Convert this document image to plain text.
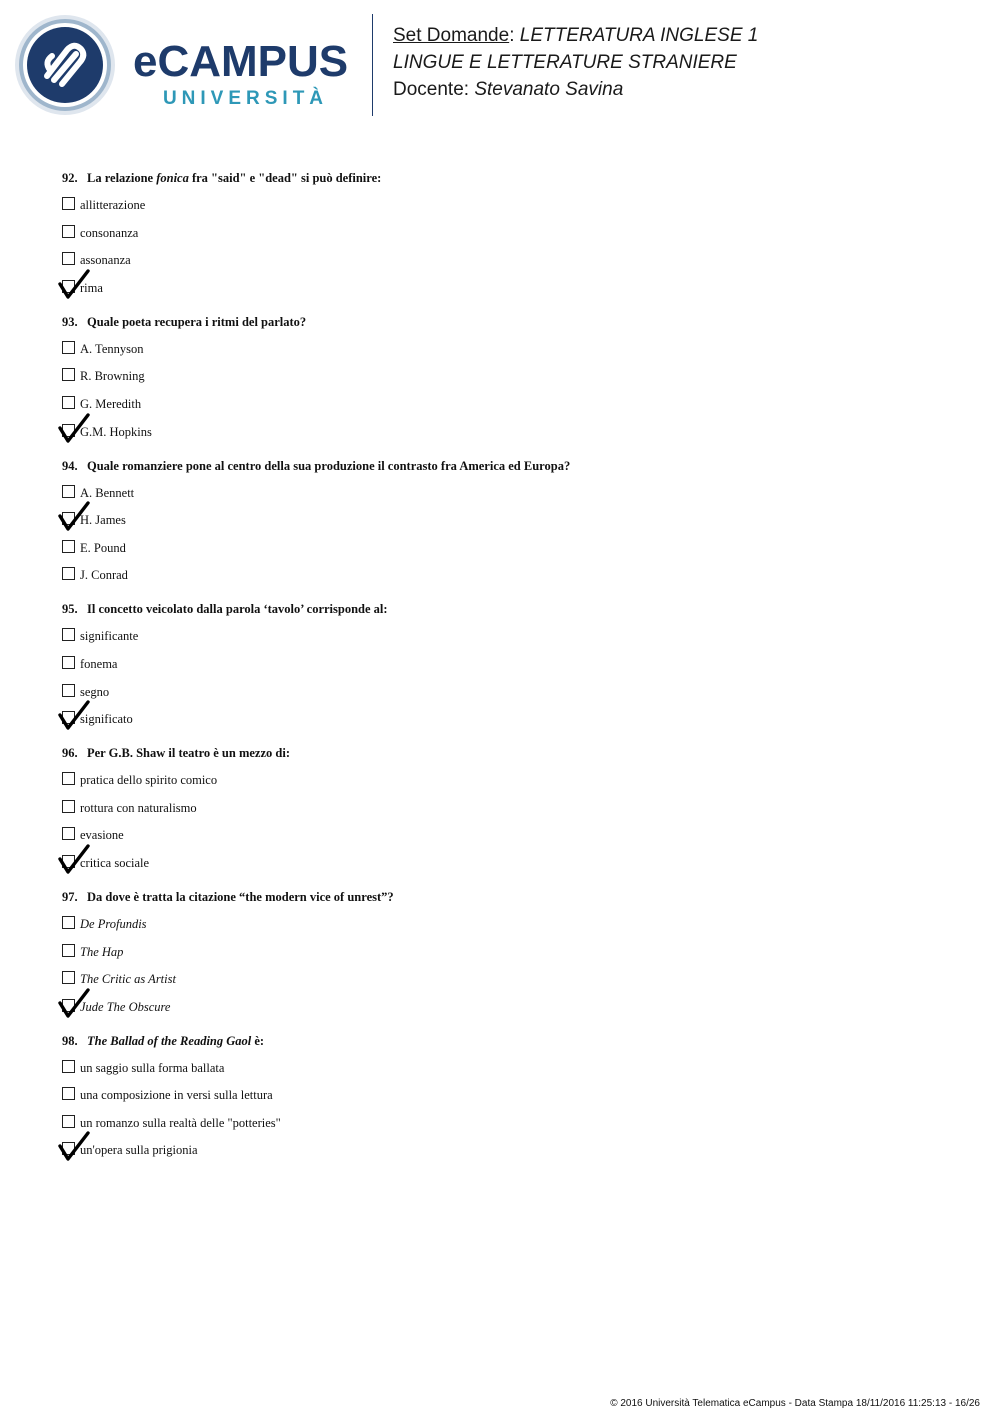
eCAMPUS
UNIVERSITÀ
Set Domande: LETTERATURA INGLESE 1
LINGUE E LETTERATURE STRANIERE
Docente: Stevanato Savina
92. La relazione fonica fra "said" e "dead" si può definire:
allitterazione
consonanza
assonanza
rima
93. Quale poeta recupera i ritmi del parlato?
A. Tennyson
R. Browning
G. Meredith
G.M. Hopkins
94. Quale romanziere pone al centro della sua produzione il contrasto fra America ed Europa?
A. Bennett
H. James
E. Pound
J. Conrad
95. Il concetto veicolato dalla parola ‘tavolo’ corrisponde al:
significante
fonema
segno
significato
96. Per G.B. Shaw il teatro è un mezzo di:
pratica dello spirito comico
rottura con naturalismo
evasione
critica sociale
97. Da dove è tratta la citazione “the modern vice of unrest”?
De Profundis
The Hap
The Critic as Artist
Jude The Obscure
98. The Ballad of the Reading Gaol è:
un saggio sulla forma ballata
una composizione in versi sulla lettura
un romanzo sulla realtà delle "potteries"
un'opera sulla prigionia
© 2016 Università Telematica eCampus - Data Stampa 18/11/2016 11:25:13 - 16/26
